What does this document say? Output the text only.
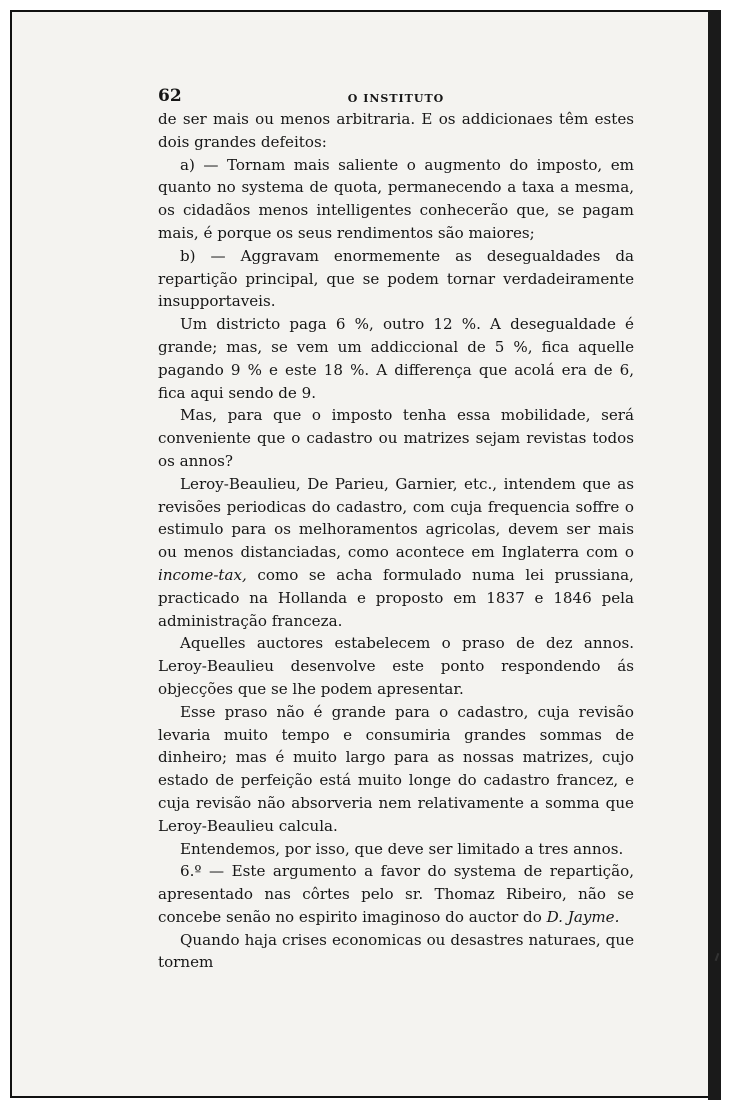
62	O INSTITUTO

de ser mais ou menos arbitraria. E os addicionaes têm estes dois grandes defeitos:

a) — Tornam mais saliente o augmento do imposto, em quanto no systema de quota, permanecendo a taxa a mesma, os cidadãos menos intelligentes conhecerão que, se pagam mais, é porque os seus rendimentos são maiores;

b) — Aggravam enormemente as desegualdades da repartição principal, que se podem tornar verdadeiramente insupportaveis.

Um districto paga 6 %, outro 12 %. A desegualdade é grande; mas, se vem um addiccional de 5 %, fica aquelle pagando 9 % e este 18 %. A differença que acolá era de 6, fica aqui sendo de 9.

Mas, para que o imposto tenha essa mobilidade, será conveniente que o cadastro ou matrizes sejam revistas todos os annos?

Leroy-Beaulieu, De Parieu, Garnier, etc., intendem que as revisões periodicas do cadastro, com cuja frequencia soffre o estimulo para os melhoramentos agricolas, devem ser mais ou menos distanciadas, como acontece em Inglaterra com o income-tax, como se acha formulado numa lei prussiana, practicado na Hollanda e proposto em 1837 e 1846 pela administração franceza.

Aquelles auctores estabelecem o praso de dez annos. Leroy-Beaulieu desenvolve este ponto respondendo ás objecções que se lhe podem apresentar.

Esse praso não é grande para o cadastro, cuja revisão levaria muito tempo e consumiria grandes sommas de dinheiro; mas é muito largo para as nossas matrizes, cujo estado de perfeição está muito longe do cadastro francez, e cuja revisão não absorveria nem relativamente a somma que Leroy-Beaulieu calcula.

Entendemos, por isso, que deve ser limitado a tres annos.

6.º — Este argumento a favor do systema de repartição, apresentado nas côrtes pelo sr. Thomaz Ribeiro, não se concebe senão no espirito imaginoso do auctor do D. Jayme.

Quando haja crises economicas ou desastres naturaes, que tornem
